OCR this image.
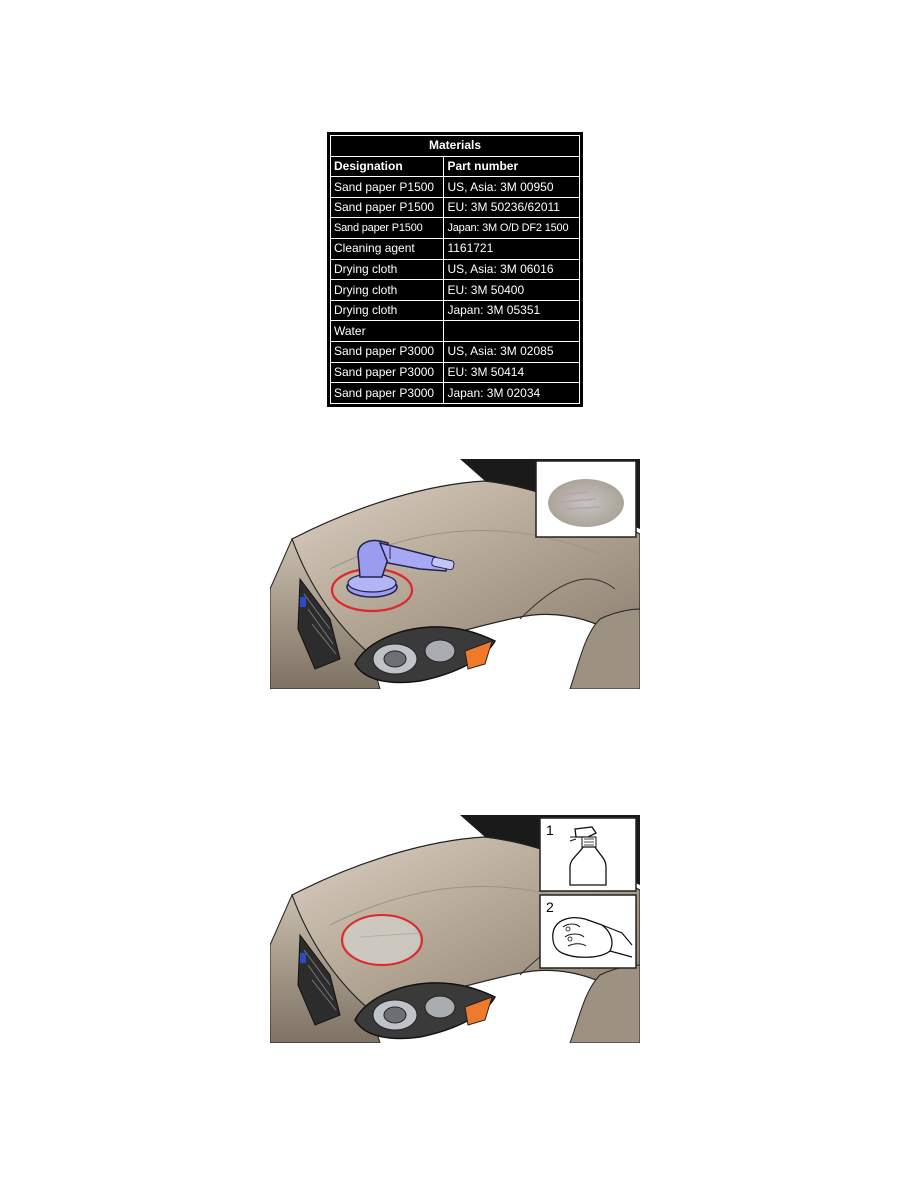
Materials	
Designation	Part number
Sand paper P1500	US, Asia: 3M 00950
Sand paper P1500	EU: 3M 50236/62011
Sand paper P1500	Japan: 3M O/D DF2 1500
Cleaning agent	1161721
Drying cloth	US, Asia: 3M 06016
Drying cloth	EU: 3M 50400
Drying cloth	Japan: 3M 05351
Water	
Sand paper P3000	US, Asia: 3M 02085
Sand paper P3000	EU: 3M 50414
Sand paper P3000	Japan: 3M 02034
1
2
